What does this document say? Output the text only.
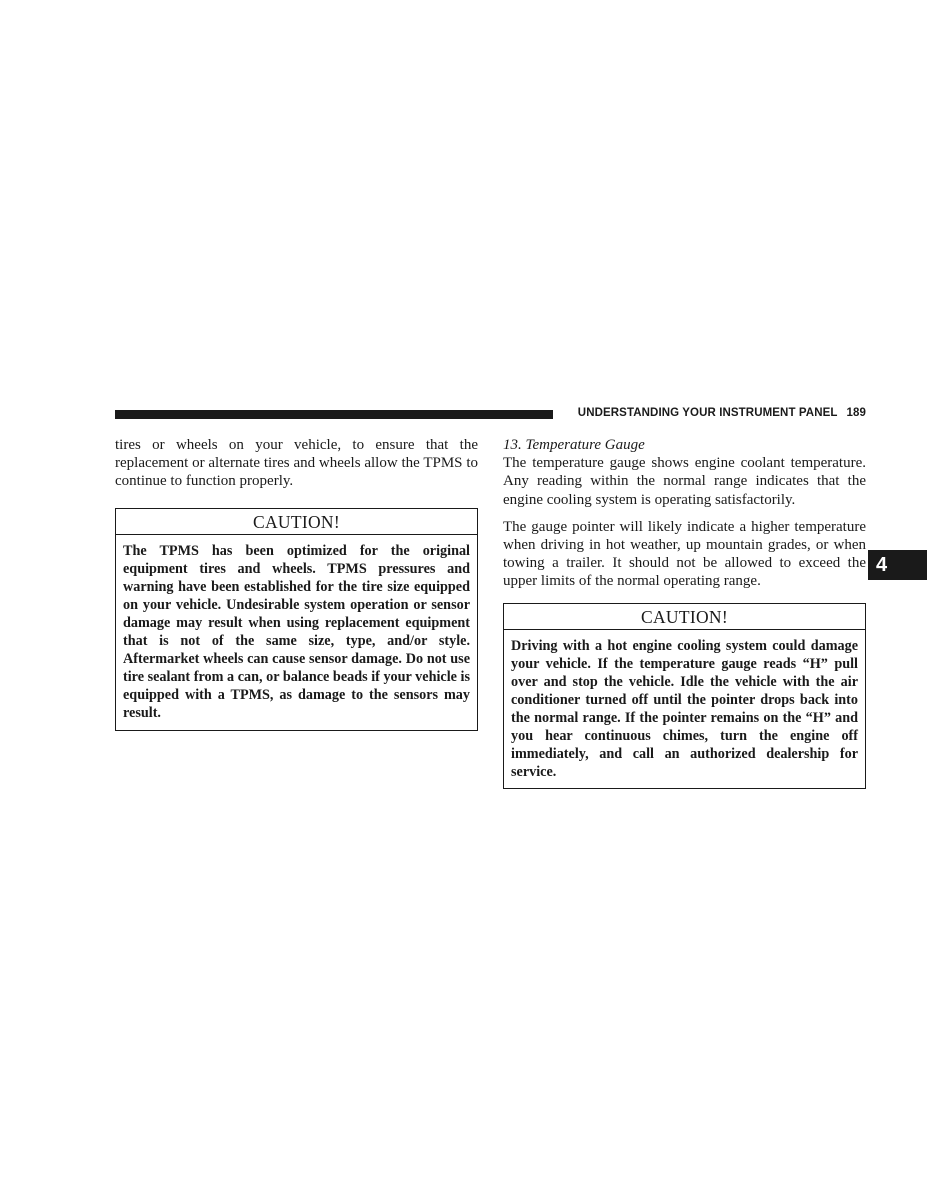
UNDERSTANDING YOUR INSTRUMENT PANEL 189
4

tires or wheels on your vehicle, to ensure that the replacement or alternate tires and wheels allow the TPMS to continue to function properly.

CAUTION!
The TPMS has been optimized for the original equipment tires and wheels. TPMS pressures and warning have been established for the tire size equipped on your vehicle. Undesirable system operation or sensor damage may result when using replacement equipment that is not of the same size, type, and/or style. Aftermarket wheels can cause sensor damage. Do not use tire sealant from a can, or balance beads if your vehicle is equipped with a TPMS, as damage to the sensors may result.

13. Temperature Gauge

The temperature gauge shows engine coolant temperature. Any reading within the normal range indicates that the engine cooling system is operating satisfactorily.

The gauge pointer will likely indicate a higher temperature when driving in hot weather, up mountain grades, or when towing a trailer. It should not be allowed to exceed the upper limits of the normal operating range.

CAUTION!
Driving with a hot engine cooling system could damage your vehicle. If the temperature gauge reads “H” pull over and stop the vehicle. Idle the vehicle with the air conditioner turned off until the pointer drops back into the normal range. If the pointer remains on the “H” and you hear continuous chimes, turn the engine off immediately, and call an authorized dealership for service.
